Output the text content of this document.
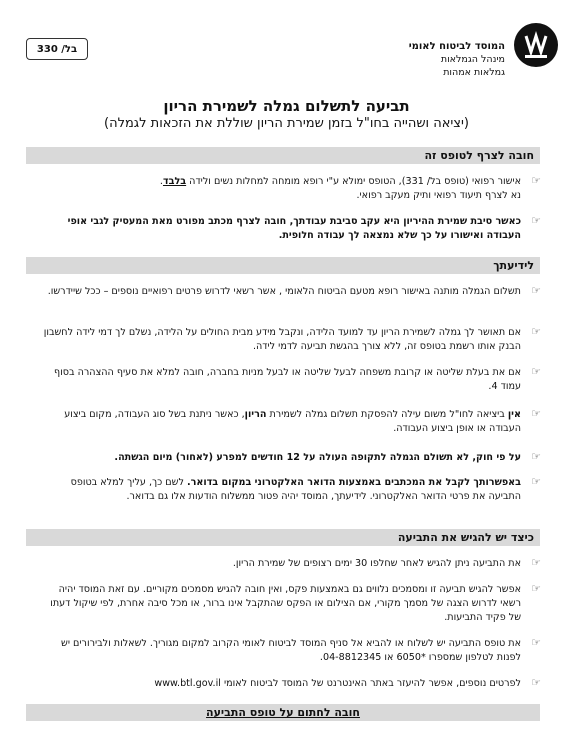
המוסד לביטוח לאומי
מינהל הגמלאות
גמלאות אמהות
בל/ 330
תביעה לתשלום גמלה לשמירת הריון
(יציאה ושהייה בחו"ל בזמן שמירת הריון שוללת את הזכאות לגמלה)
חובה לצרף לטופס זה
☞
אישור רפואי (טופס בל/ 331), הטופס ימולא ע"י רופא מומחה למחלות נשים ולידה בלבד.
נא לצרף תיעוד רפואי ותיק מעקב רפואי.
☞
כאשר סיבת שמירת ההיריון היא עקב סביבת עבודתך, חובה לצרף מכתב מפורט מאת המעסיק לגבי אופי העבודה ואישורו על כך שלא נמצאה לך עבודה חלופית.
לידיעתך
☞
תשלום הגמלה מותנה באישור רופא מטעם הביטוח הלאומי , אשר רשאי לדרוש פרטים רפואיים נוספים – ככל שיידרשו.
☞
אם תאושר לך גמלה לשמירת הריון עד למועד הלידה, ונקבל מידע מבית החולים על הלידה, נשלם לך דמי לידה לחשבון הבנק אותו רשמת בטופס זה, ללא צורך בהגשת תביעה לדמי לידה.
☞
אם את בעלת שליטה או קרובת משפחה לבעל שליטה או לבעל מניות בחברה, חובה למלא את סעיף ההצהרה בסוף עמוד 4.
☞
אין ביציאה לחו"ל משום עילה להפסקת תשלום גמלה לשמירת הריון, כאשר ניתנת בשל סוג העבודה, מקום ביצוע העבודה או אופן ביצוע העבודה.
☞
על פי חוק, לא תשולם הגמלה לתקופה העולה על 12 חודשים למפרע (לאחור) מיום הגשתה.
☞
באפשרותך לקבל את המכתבים באמצעות הדואר האלקטרוני במקום בדואר. לשם כך, עליך למלא בטופס התביעה את פרטי הדואר האלקטרוני. לידיעתך, המוסד יהיה פטור ממשלוח הודעות אלו גם בדואר.
כיצד יש להגיש את התביעה
☞
את התביעה ניתן להגיש לאחר שחלפו 30 ימים רצופים של שמירת הריון.
☞
אפשר להגיש תביעה זו ומסמכים נלווים גם באמצעות פקס, ואין חובה להגיש מסמכים מקוריים. עם זאת המוסד יהיה רשאי לדרוש הצגה של מסמך מקורי, אם הצילום או הפקס שהתקבל אינו ברור, או מכל סיבה אחרת, לפי שיקול דעתו של פקיד התביעות.
☞
את טופס התביעה יש לשלוח או להביא אל סניף המוסד לביטוח לאומי הקרוב למקום מגוריך. לשאלות ולבירורים יש לפנות לטלפון שמספרו *6050 או 04-8812345.
☞
לפרטים נוספים, אפשר להיעזר באתר האינטרנט של המוסד לביטוח לאומי www.btl.gov.il
חובה לחתום על טופס התביעה
